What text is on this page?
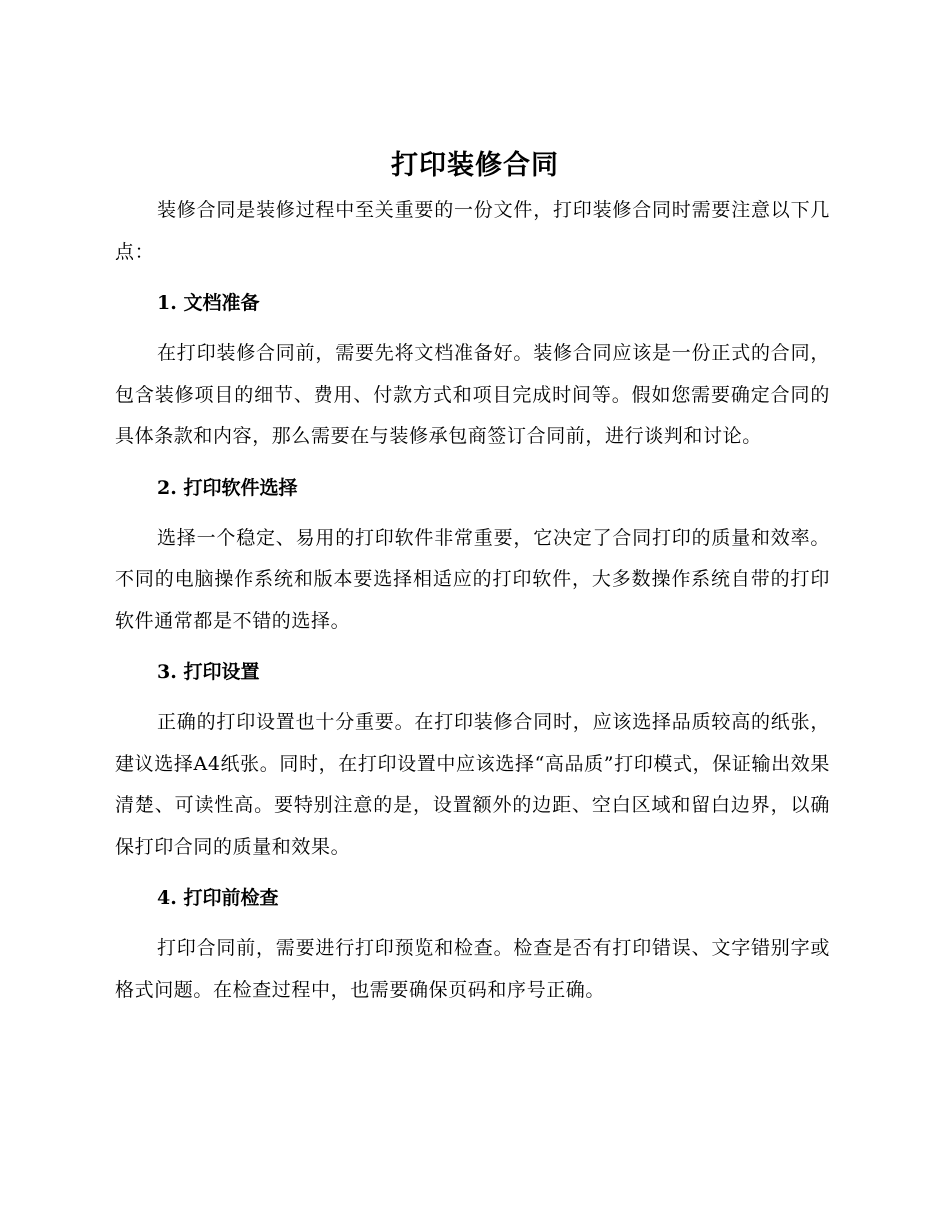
打印装修合同

装修合同是装修过程中至关重要的一份文件，打印装修合同时需要注意以下几点：

1. 文档准备

在打印装修合同前，需要先将文档准备好。装修合同应该是一份正式的合同，包含装修项目的细节、费用、付款方式和项目完成时间等。假如您需要确定合同的具体条款和内容，那么需要在与装修承包商签订合同前，进行谈判和讨论。

2. 打印软件选择

选择一个稳定、易用的打印软件非常重要，它决定了合同打印的质量和效率。不同的电脑操作系统和版本要选择相适应的打印软件，大多数操作系统自带的打印软件通常都是不错的选择。

3. 打印设置

正确的打印设置也十分重要。在打印装修合同时，应该选择品质较高的纸张，建议选择A4纸张。同时，在打印设置中应该选择“高品质”打印模式，保证输出效果清楚、可读性高。要特别注意的是，设置额外的边距、空白区域和留白边界，以确保打印合同的质量和效果。

4. 打印前检查

打印合同前，需要进行打印预览和检查。检查是否有打印错误、文字错别字或格式问题。在检查过程中，也需要确保页码和序号正确。
